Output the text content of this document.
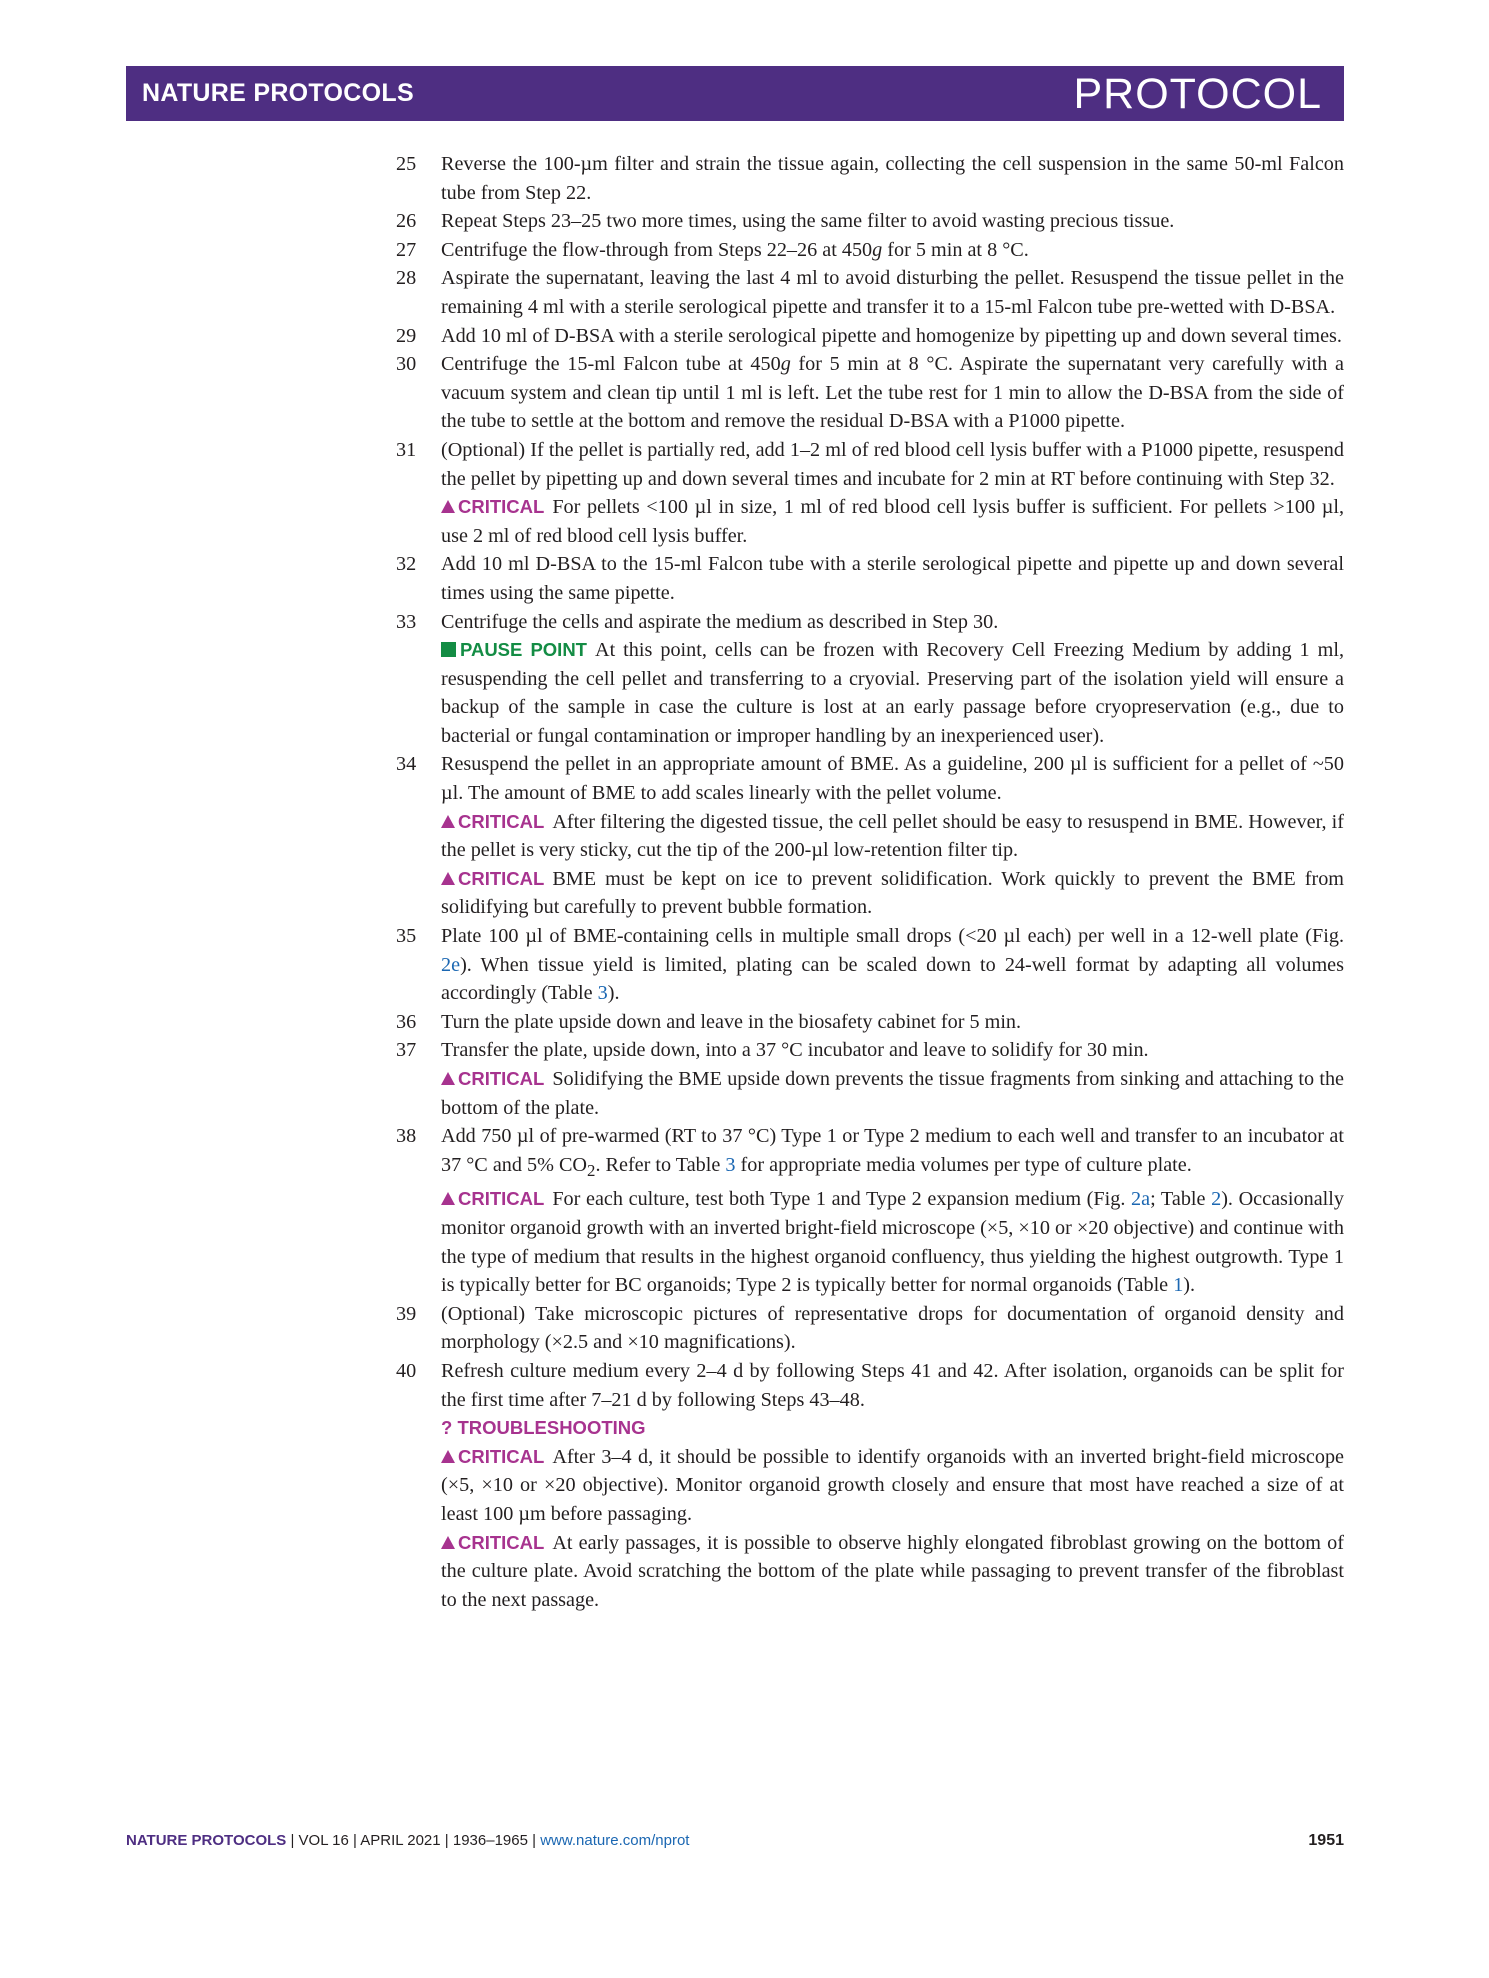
NATURE PROTOCOLS	PROTOCOL
25	Reverse the 100-µm filter and strain the tissue again, collecting the cell suspension in the same 50-ml Falcon tube from Step 22.

26	Repeat Steps 23–25 two more times, using the same filter to avoid wasting precious tissue.

27	Centrifuge the flow-through from Steps 22–26 at 450g for 5 min at 8 °C.

28	Aspirate the supernatant, leaving the last 4 ml to avoid disturbing the pellet. Resuspend the tissue pellet in the remaining 4 ml with a sterile serological pipette and transfer it to a 15-ml Falcon tube pre-wetted with D-BSA.

29	Add 10 ml of D-BSA with a sterile serological pipette and homogenize by pipetting up and down several times.

30	Centrifuge the 15-ml Falcon tube at 450g for 5 min at 8 °C. Aspirate the supernatant very carefully with a vacuum system and clean tip until 1 ml is left. Let the tube rest for 1 min to allow the D-BSA from the side of the tube to settle at the bottom and remove the residual D-BSA with a P1000 pipette.

31	(Optional) If the pellet is partially red, add 1–2 ml of red blood cell lysis buffer with a P1000 pipette, resuspend the pellet by pipetting up and down several times and incubate for 2 min at RT before continuing with Step 32.

CRITICAL For pellets <100 µl in size, 1 ml of red blood cell lysis buffer is sufficient. For pellets >100 µl, use 2 ml of red blood cell lysis buffer.

32	Add 10 ml D-BSA to the 15-ml Falcon tube with a sterile serological pipette and pipette up and down several times using the same pipette.

33	Centrifuge the cells and aspirate the medium as described in Step 30.

PAUSE POINT At this point, cells can be frozen with Recovery Cell Freezing Medium by adding 1 ml, resuspending the cell pellet and transferring to a cryovial. Preserving part of the isolation yield will ensure a backup of the sample in case the culture is lost at an early passage before cryopreservation (e.g., due to bacterial or fungal contamination or improper handling by an inexperienced user).

34	Resuspend the pellet in an appropriate amount of BME. As a guideline, 200 µl is sufficient for a pellet of ~50 µl. The amount of BME to add scales linearly with the pellet volume.

CRITICAL After filtering the digested tissue, the cell pellet should be easy to resuspend in BME. However, if the pellet is very sticky, cut the tip of the 200-µl low-retention filter tip.

CRITICAL BME must be kept on ice to prevent solidification. Work quickly to prevent the BME from solidifying but carefully to prevent bubble formation.

35	Plate 100 µl of BME-containing cells in multiple small drops (<20 µl each) per well in a 12-well plate (Fig. 2e). When tissue yield is limited, plating can be scaled down to 24-well format by adapting all volumes accordingly (Table 3).

36	Turn the plate upside down and leave in the biosafety cabinet for 5 min.

37	Transfer the plate, upside down, into a 37 °C incubator and leave to solidify for 30 min.

CRITICAL Solidifying the BME upside down prevents the tissue fragments from sinking and attaching to the bottom of the plate.

38	Add 750 µl of pre-warmed (RT to 37 °C) Type 1 or Type 2 medium to each well and transfer to an incubator at 37 °C and 5% $CO_2$. Refer to Table 3 for appropriate media volumes per type of culture plate.

CRITICAL For each culture, test both Type 1 and Type 2 expansion medium (Fig. 2a; Table 2). Occasionally monitor organoid growth with an inverted bright-field microscope (×5, ×10 or ×20 objective) and continue with the type of medium that results in the highest organoid confluency, thus yielding the highest outgrowth. Type 1 is typically better for BC organoids; Type 2 is typically better for normal organoids (Table 1).

39	(Optional) Take microscopic pictures of representative drops for documentation of organoid density and morphology (×2.5 and ×10 magnifications).

40	Refresh culture medium every 2–4 d by following Steps 41 and 42. After isolation, organoids can be split for the first time after 7–21 d by following Steps 43–48.

? TROUBLESHOOTING

CRITICAL After 3–4 d, it should be possible to identify organoids with an inverted bright-field microscope (×5, ×10 or ×20 objective). Monitor organoid growth closely and ensure that most have reached a size of at least 100 µm before passaging.

CRITICAL At early passages, it is possible to observe highly elongated fibroblast growing on the bottom of the culture plate. Avoid scratching the bottom of the plate while passaging to prevent transfer of the fibroblast to the next passage.

NATURE PROTOCOLS | VOL 16 | APRIL 2021 | 1936–1965 | www.nature.com/nprot	1951
